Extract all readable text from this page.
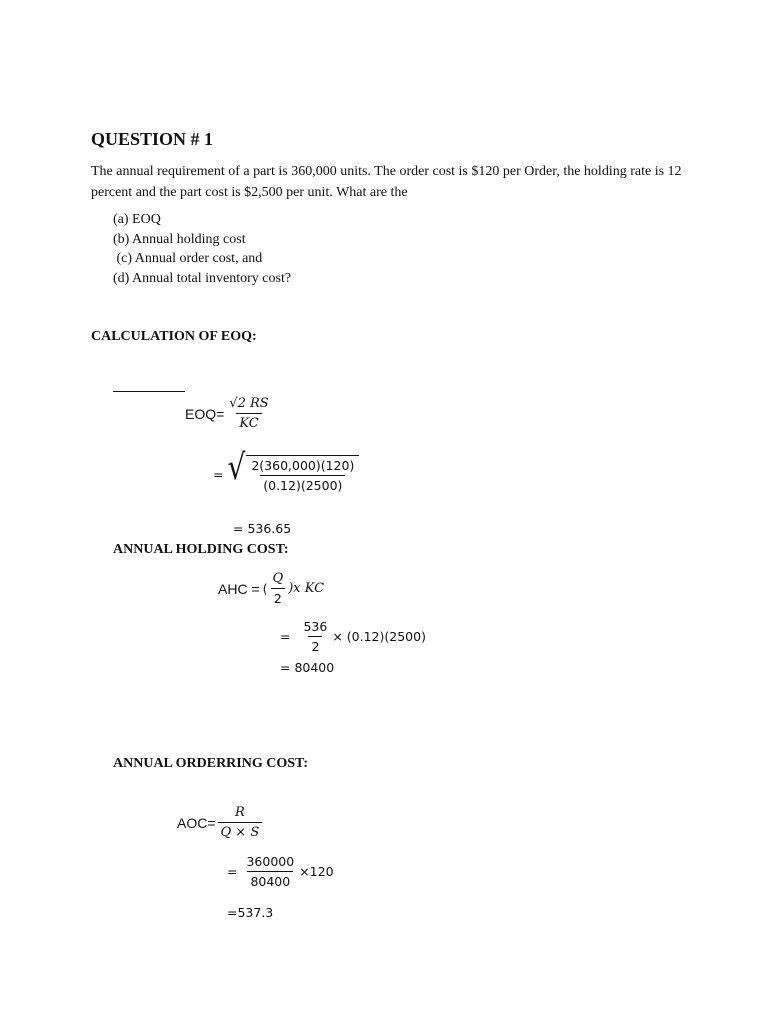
QUESTION # 1
The annual requirement of a part is 360,000 units. The order cost is $120 per Order, the holding rate is 12 percent and the part cost is $2,500 per unit. What are the
(a) EOQ
(b) Annual holding cost
(c) Annual order cost, and
(d) Annual total inventory cost?
CALCULATION OF EOQ:
$EOQ= \frac{√2 RS}{KC}$
= √ $\frac{2(360,000)(120)}{(0.12)(2500)}$
= 536.65
ANNUAL HOLDING COST:
AHC = ( $\frac{Q}{2} )x$ KC
= $\frac{536}{2} \times (0.12)(2500)$
= 80400
ANNUAL ORDERRING COST:
$AOC= \frac{R}{Q \times S}$
= $\frac{360000}{80400} \times 120$
=537.3
